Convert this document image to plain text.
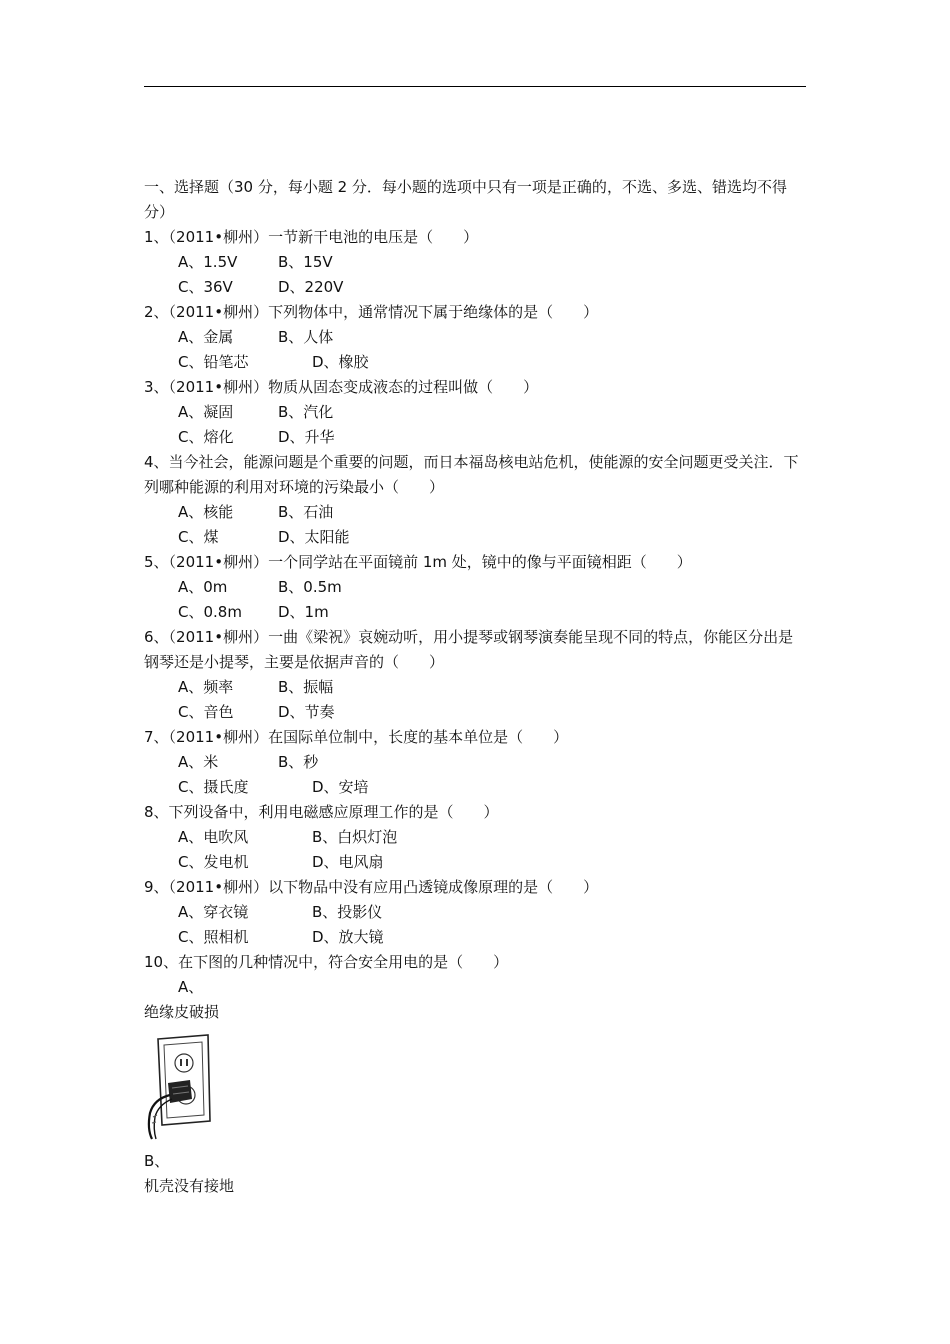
一、选择题（30 分，每小题 2 分．每小题的选项中只有一项是正确的，不选、多选、错选均不得分）
1、（2011•柳州）一节新干电池的电压是（　　）
A、1.5V	B、15V
C、36V	D、220V
2、（2011•柳州）下列物体中，通常情况下属于绝缘体的是（　　）
A、金属	B、人体
C、铅笔芯	D、橡胶
3、（2011•柳州）物质从固态变成液态的过程叫做（　　）
A、凝固	B、汽化
C、熔化	D、升华
4、当今社会，能源问题是个重要的问题，而日本福岛核电站危机，使能源的安全问题更受关注．下列哪种能源的利用对环境的污染最小（　　）
A、核能	B、石油
C、煤	D、太阳能
5、（2011•柳州）一个同学站在平面镜前 1m 处，镜中的像与平面镜相距（　　）
A、0m	B、0.5m
C、0.8m	D、1m
6、（2011•柳州）一曲《梁祝》哀婉动听，用小提琴或钢琴演奏能呈现不同的特点，你能区分出是钢琴还是小提琴，主要是依据声音的（　　）
A、频率	B、振幅
C、音色	D、节奏
7、（2011•柳州）在国际单位制中，长度的基本单位是（　　）
A、米	B、秒
C、摄氏度	D、安培
8、下列设备中，利用电磁感应原理工作的是（　　）
A、电吹风	B、白炽灯泡
C、发电机	D、电风扇
9、（2011•柳州）以下物品中没有应用凸透镜成像原理的是（　　）
A、穿衣镜	B、投影仪
C、照相机	D、放大镜
10、在下图的几种情况中，符合安全用电的是（　　）
A、
绝缘皮破损
B、
机壳没有接地
